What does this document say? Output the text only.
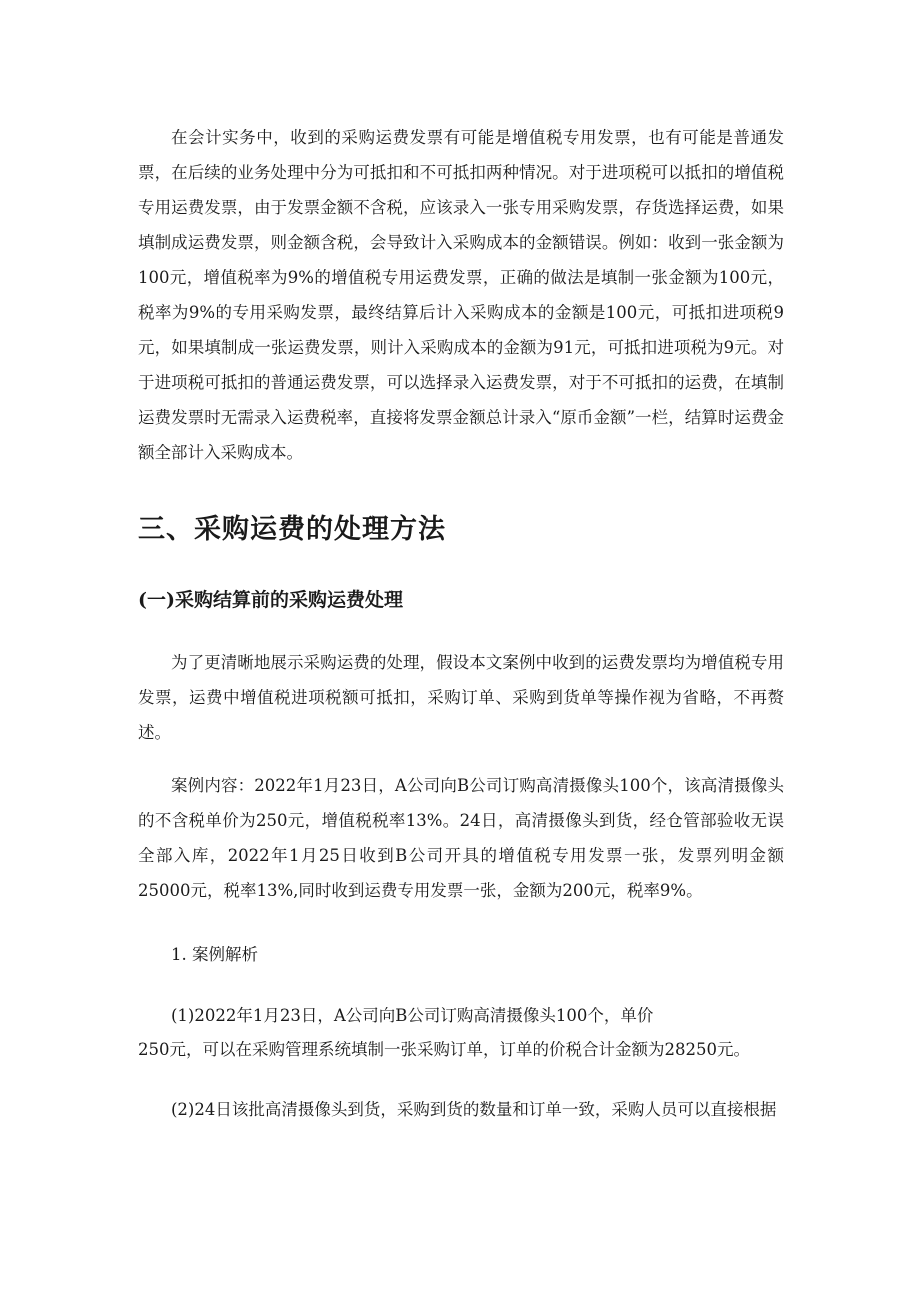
在会计实务中，收到的采购运费发票有可能是增值税专用发票，也有可能是普通发票，在后续的业务处理中分为可抵扣和不可抵扣两种情况。对于进项税可以抵扣的增值税专用运费发票，由于发票金额不含税，应该录入一张专用采购发票，存货选择运费，如果填制成运费发票，则金额含税，会导致计入采购成本的金额错误。例如：收到一张金额为100元，增值税率为9%的增值税专用运费发票，正确的做法是填制一张金额为100元，税率为9%的专用采购发票，最终结算后计入采购成本的金额是100元，可抵扣进项税9元，如果填制成一张运费发票，则计入采购成本的金额为91元，可抵扣进项税为9元。对于进项税可抵扣的普通运费发票，可以选择录入运费发票，对于不可抵扣的运费，在填制运费发票时无需录入运费税率，直接将发票金额总计录入“原币金额”一栏，结算时运费金额全部计入采购成本。

三、采购运费的处理方法
(一)采购结算前的采购运费处理

为了更清晰地展示采购运费的处理，假设本文案例中收到的运费发票均为增值税专用发票，运费中增值税进项税额可抵扣，采购订单、采购到货单等操作视为省略，不再赘述。

案例内容：2022年1月23日，A公司向B公司订购高清摄像头100个，该高清摄像头的不含税单价为250元，增值税税率13%。24日，高清摄像头到货，经仓管部验收无误全部入库，2022年1月25日收到B公司开具的增值税专用发票一张，发票列明金额25000元，税率13%,同时收到运费专用发票一张，金额为200元，税率9%。

1. 案例解析

(1)2022年1月23日，A公司向B公司订购高清摄像头100个，单价

250元，可以在采购管理系统填制一张采购订单，订单的价税合计金额为28250元。

(2)24日该批高清摄像头到货，采购到货的数量和订单一致，采购人员可以直接根据
